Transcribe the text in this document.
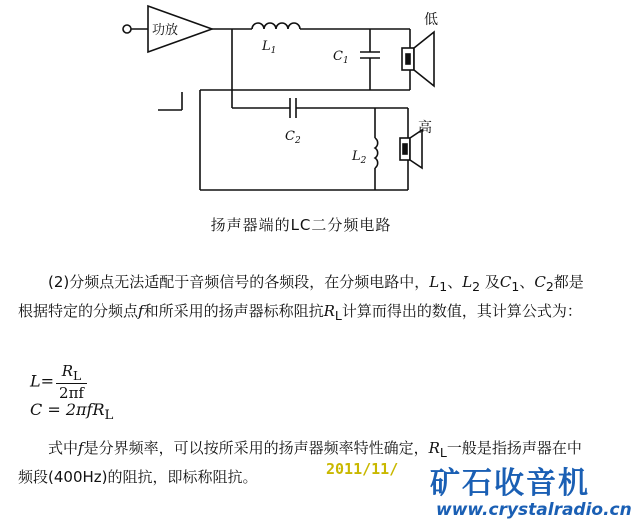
功放
$L_1$	$C_1$
$C_2$
$L_2$
低
高
扬声器端的LC二分频电路
(2)分频点无法适配于音频信号的各频段，在分频电路中，$L_1$、$L_2$ 及$C_1$、$C_2$都是根据特定的分频点f和所采用的扬声器标称阻抗$R_L$计算而得出的数值，其计算公式为：
$L= \frac{R_L}{2\pi f}$
C = 2πfR$_L$
式中f是分界频率，可以按所采用的扬声器频率特性确定，$R_L$一般是指扬声器在中频段(400Hz)的阻抗，即标称阻抗。	2011/11/ 矿石收音机
www.crystalradio.cn
